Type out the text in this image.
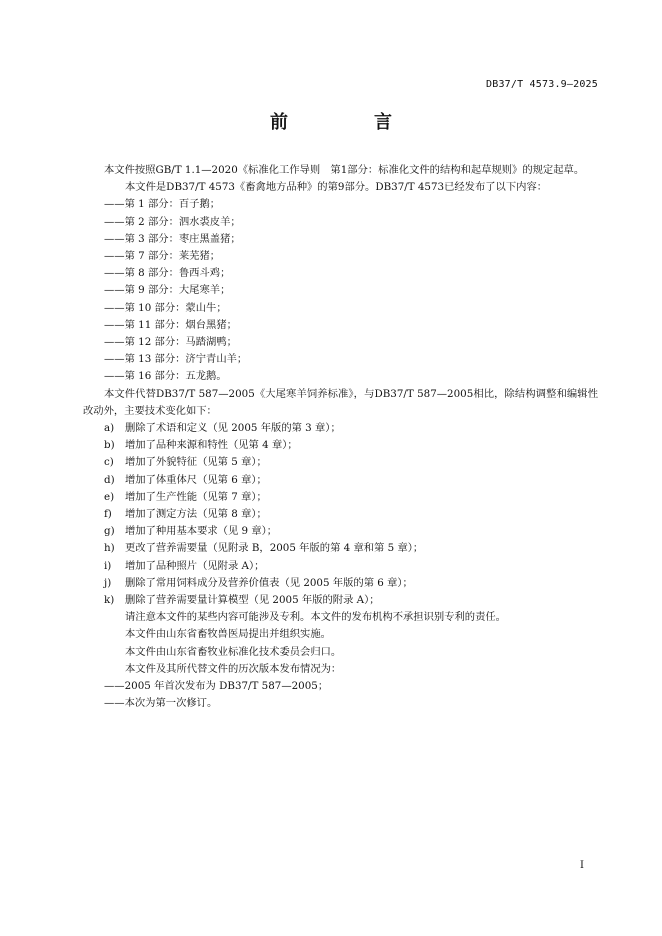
DB37/T 4573.9—2025
前　言

本文件按照GB/T 1.1—2020《标准化工作导则　第1部分：标准化文件的结构和起草规则》的规定起草。

本文件是DB37/T 4573《畜禽地方品种》的第9部分。DB37/T 4573已经发布了以下内容：

——第 1 部分：百子鹅；
——第 2 部分：泗水裘皮羊；
——第 3 部分：枣庄黑盖猪；
——第 7 部分：莱芜猪；
——第 8 部分：鲁西斗鸡；
——第 9 部分：大尾寒羊；
——第 10 部分：蒙山牛；
——第 11 部分：烟台黑猪；
——第 12 部分：马踏湖鸭；
——第 13 部分：济宁青山羊；
——第 16 部分：五龙鹅。

本文件代替DB37/T 587—2005《大尾寒羊饲养标准》，与DB37/T 587—2005相比，除结构调整和编辑性改动外，主要技术变化如下：

a)	删除了术语和定义（见 2005 年版的第 3 章）；
b)	增加了品种来源和特性（见第 4 章）；
c)	增加了外貌特征（见第 5 章）；
d)	增加了体重体尺（见第 6 章）；
e)	增加了生产性能（见第 7 章）；
f)	增加了测定方法（见第 8 章）；
g)	增加了种用基本要求（见 9 章）；
h)	更改了营养需要量（见附录 B，2005 年版的第 4 章和第 5 章）；
i)	增加了品种照片（见附录 A）；
j)	删除了常用饲料成分及营养价值表（见 2005 年版的第 6 章）；
k)	删除了营养需要量计算模型（见 2005 年版的附录 A）；

请注意本文件的某些内容可能涉及专利。本文件的发布机构不承担识别专利的责任。

本文件由山东省畜牧兽医局提出并组织实施。

本文件由山东省畜牧业标准化技术委员会归口。

本文件及其所代替文件的历次版本发布情况为：

——2005 年首次发布为 DB37/T 587—2005；
——本次为第一次修订。
I
